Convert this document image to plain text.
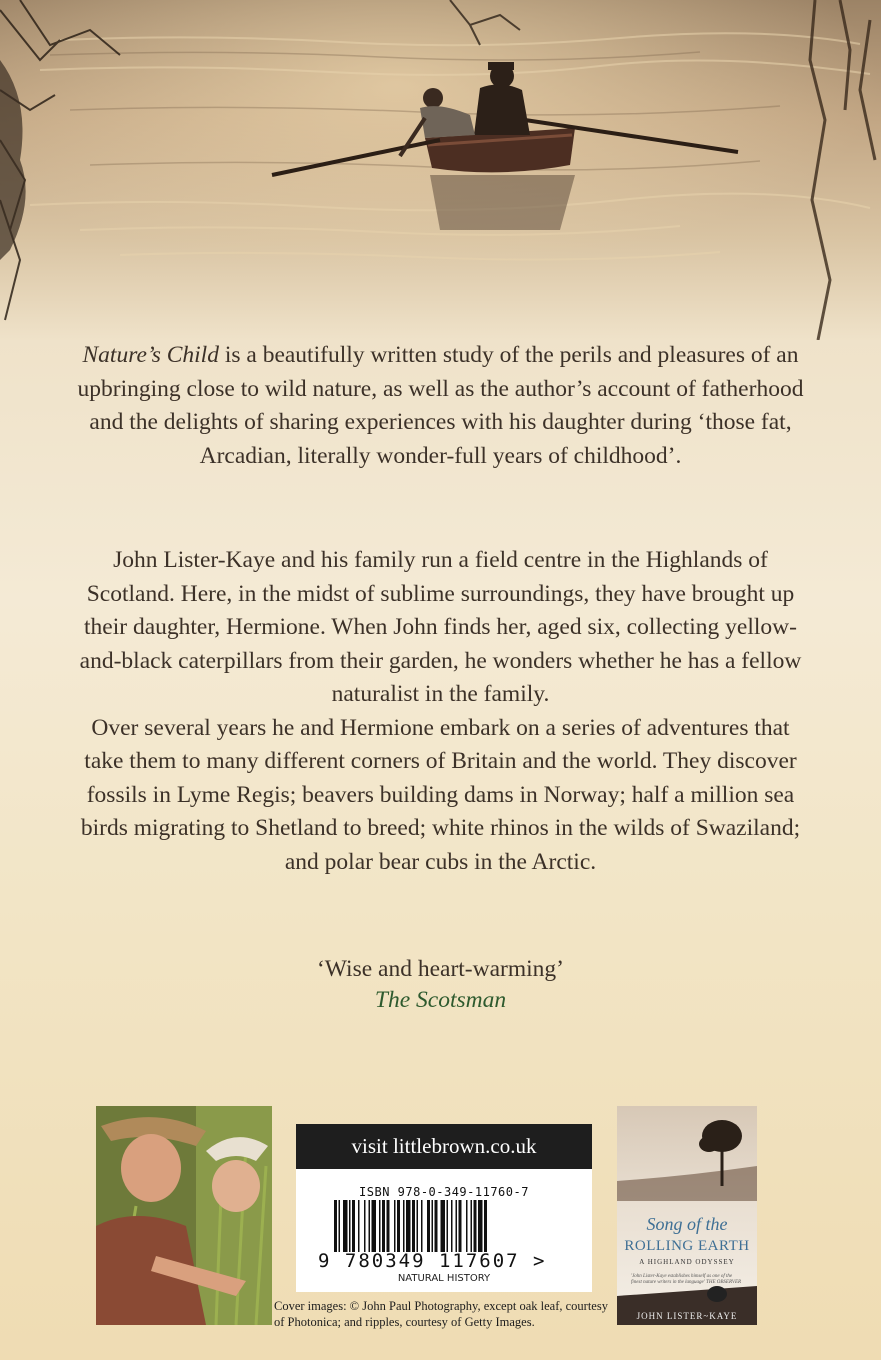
Nature’s Child is a beautifully written study of the perils and pleasures of an upbringing close to wild nature, as well as the author’s account of fatherhood and the delights of sharing experiences with his daughter during ‘those fat, Arcadian, literally wonder-full years of childhood’.

John Lister-Kaye and his family run a field centre in the Highlands of Scotland. Here, in the midst of sublime surroundings, they have brought up their daughter, Hermione. When John finds her, aged six, collecting yellow-and-black caterpillars from their garden, he wonders whether he has a fellow naturalist in the family.

Over several years he and Hermione embark on a series of adventures that take them to many different corners of Britain and the world. They discover fossils in Lyme Regis; beavers building dams in Norway; half a million sea birds migrating to Shetland to breed; white rhinos in the wilds of Swaziland; and polar bear cubs in the Arctic.

‘Wise and heart-warming’
The Scotsman
visit littlebrown.co.uk
ISBN 978-0-349-11760-7
9 780349 117607 >
NATURAL HISTORY
Cover images: © John Paul Photography, except oak leaf, courtesy of Photonica; and ripples, courtesy of Getty Images.
Song of the
ROLLING EARTH
A HIGHLAND ODYSSEY
'John Lister-Kaye establishes himself as one of the finest nature writers in the language' THE OBSERVER
JOHN LISTER~KAYE
